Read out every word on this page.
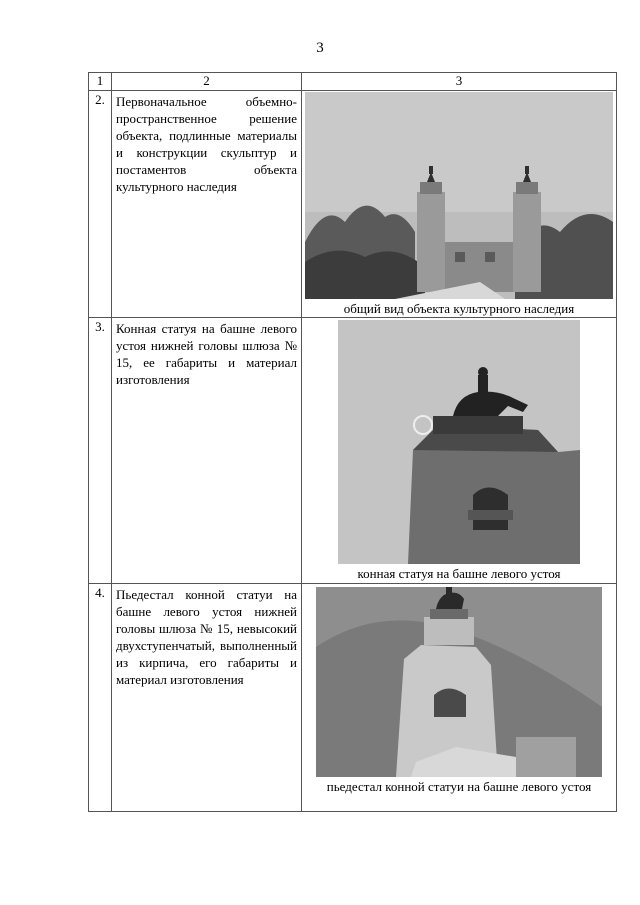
3
1	2	3
2.	Первоначальное объемно-пространственное решение объекта, подлинные материалы и конструкции скульптур и постаментов объекта культурного наследия	общий вид объекта культурного наследия

3.	Конная статуя на башне левого устоя нижней головы шлюза № 15, ее габариты и материал изготовления	конная статуя на башне левого устоя

4.	Пьедестал конной статуи на башне левого устоя нижней головы шлюза № 15, невысокий двухступенчатый, выполненный из кирпича, его габариты и материал изготовления	пьедестал конной статуи на башне левого устоя
